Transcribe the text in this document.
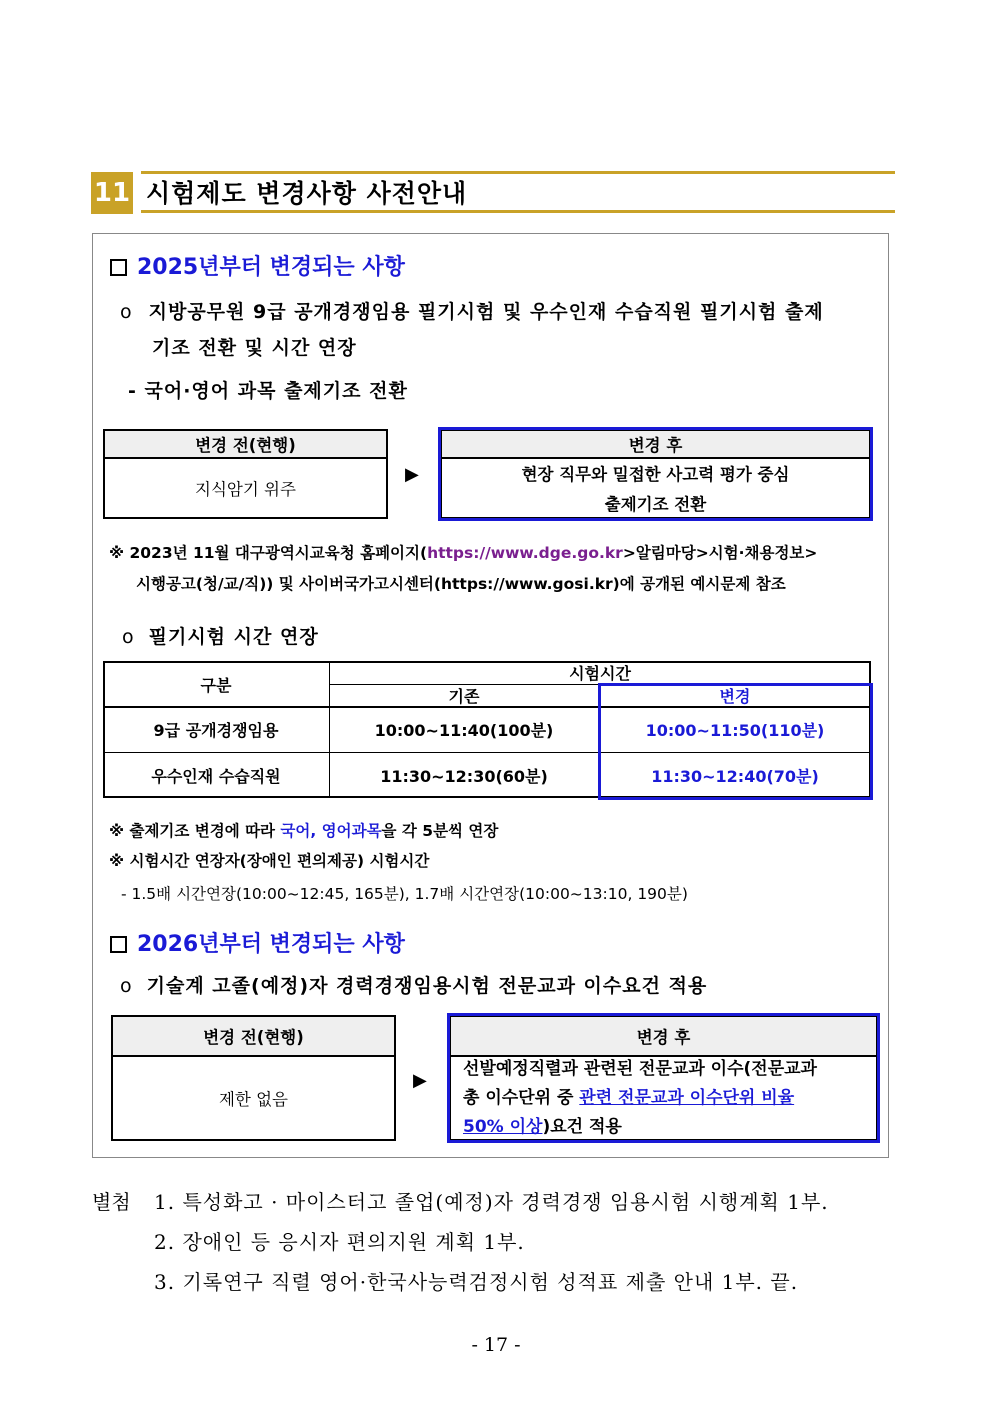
11 시험제도 변경사항 사전안내
2025년부터 변경되는 사항
o 지방공무원 9급 공개경쟁임용 필기시험 및 우수인재 수습직원 필기시험 출제
기조 전환 및 시간 연장
- 국어·영어 과목 출제기조 전환
변경 전(현행)
지식암기 위주
▶
변경 후
현장 직무와 밀접한 사고력 평가 중심
출제기조 전환
※ 2023년 11월 대구광역시교육청 홈페이지(https://www.dge.go.kr>알림마당>시험·채용정보>
시행공고(청/교/직)) 및 사이버국가고시센터(https://www.gosi.kr)에 공개된 예시문제 참조
o 필기시험 시간 연장
구분
시험시간
기존	변경
9급 공개경쟁임용	10:00~11:40(100분)	10:00~11:50(110분)
우수인재 수습직원	11:30~12:30(60분)	11:30~12:40(70분)
※ 출제기조 변경에 따라 국어, 영어과목을 각 5분씩 연장
※ 시험시간 연장자(장애인 편의제공) 시험시간
- 1.5배 시간연장(10:00~12:45, 165분), 1.7배 시간연장(10:00~13:10, 190분)
2026년부터 변경되는 사항
o 기술계 고졸(예정)자 경력경쟁임용시험 전문교과 이수요건 적용
변경 전(현행)
제한 없음
▶
변경 후
선발예정직렬과 관련된 전문교과 이수(전문교과
총 이수단위 중 관련 전문교과 이수단위 비율
50% 이상)요건 적용
별첨 1. 특성화고 · 마이스터고 졸업(예정)자 경력경쟁 임용시험 시행계획 1부.
2. 장애인 등 응시자 편의지원 계획 1부.
3. 기록연구 직렬 영어·한국사능력검정시험 성적표 제출 안내 1부. 끝.
- 17 -
